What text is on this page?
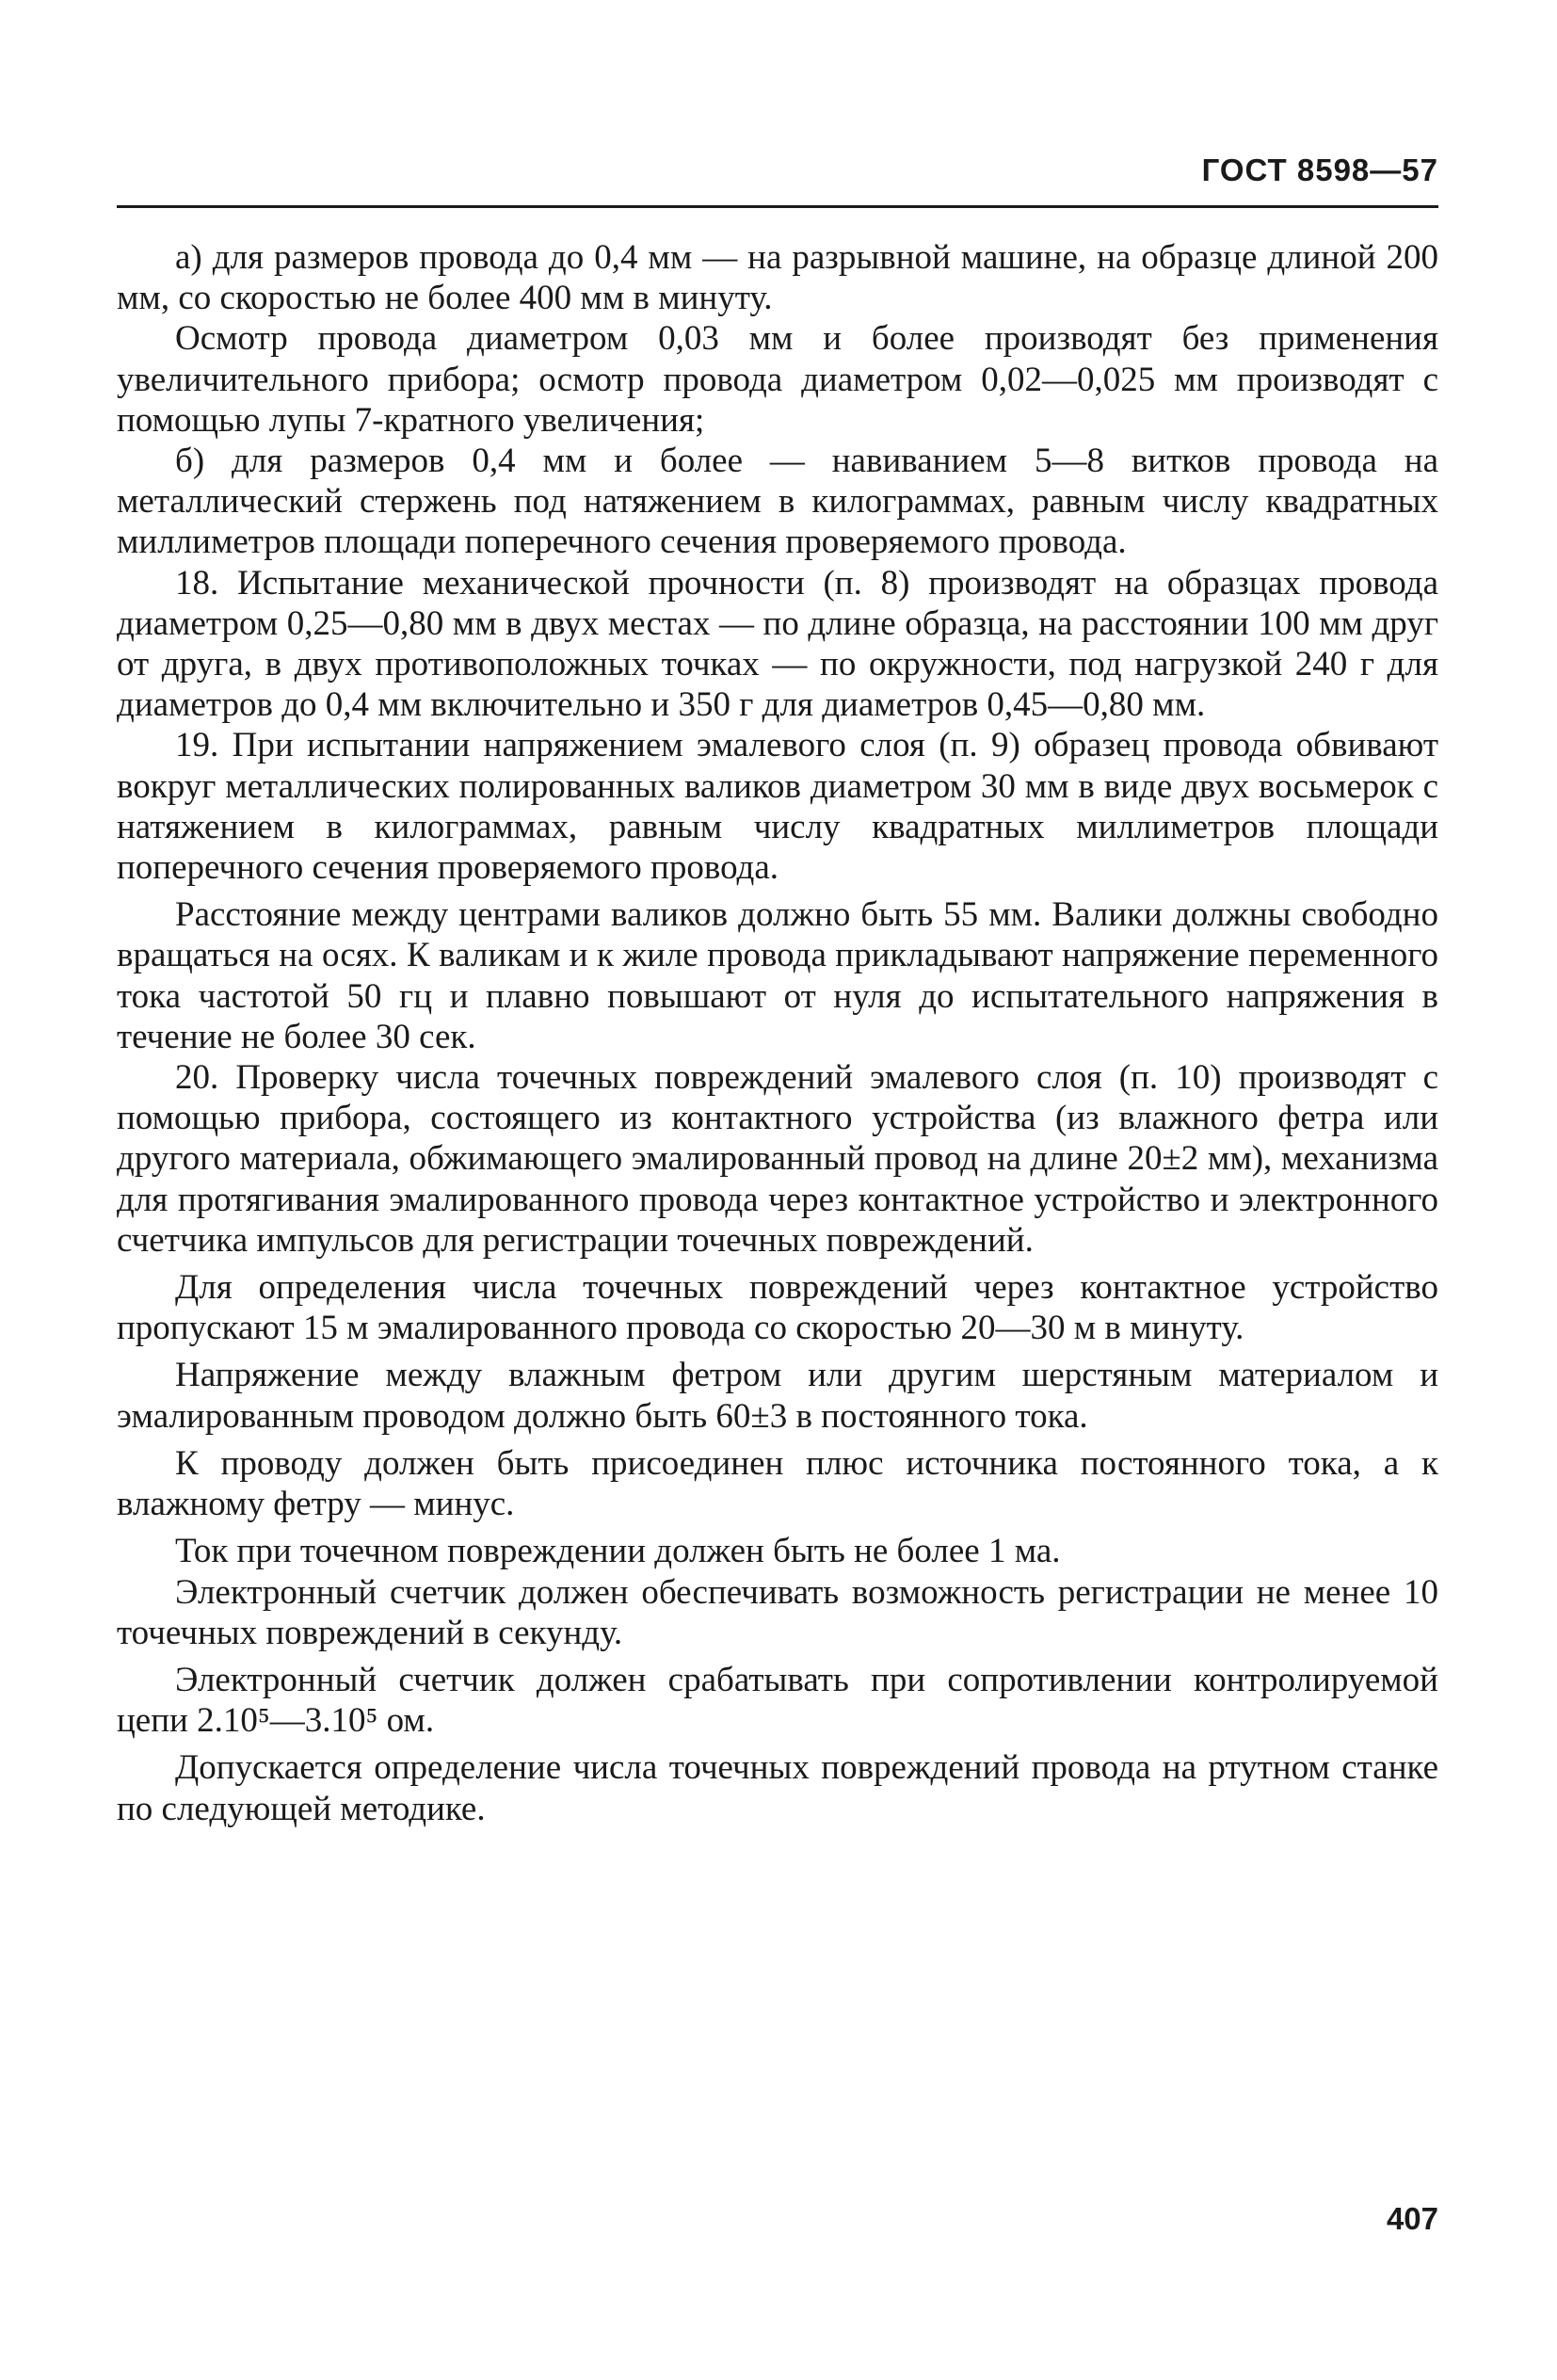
ГОСТ 8598—57

а) для размеров провода до 0,4 мм — на разрывной машине, на образце длиной 200 мм, со скоростью не более 400 мм в минуту.

Осмотр провода диаметром 0,03 мм и более производят без применения увеличительного прибора; осмотр провода диаметром 0,02—0,025 мм производят с помощью лупы 7-кратного увеличения;

б) для размеров 0,4 мм и более — навиванием 5—8 витков провода на металлический стержень под натяжением в килограммах, равным числу квадратных миллиметров площади поперечного сечения проверяемого провода.

18. Испытание механической прочности (п. 8) производят на образцах провода диаметром 0,25—0,80 мм в двух местах — по длине образца, на расстоянии 100 мм друг от друга, в двух противоположных точках — по окружности, под нагрузкой 240 г для диаметров до 0,4 мм включительно и 350 г для диаметров 0,45—0,80 мм.

19. При испытании напряжением эмалевого слоя (п. 9) образец провода обвивают вокруг металлических полированных валиков диаметром 30 мм в виде двух восьмерок с натяжением в килограммах, равным числу квадратных миллиметров площади поперечного сечения проверяемого провода.

Расстояние между центрами валиков должно быть 55 мм. Валики должны свободно вращаться на осях. К валикам и к жиле провода прикладывают напряжение переменного тока частотой 50 гц и плавно повышают от нуля до испытательного напряжения в течение не более 30 сек.

20. Проверку числа точечных повреждений эмалевого слоя (п. 10) производят с помощью прибора, состоящего из контактного устройства (из влажного фетра или другого материала, обжимающего эмалированный провод на длине 20±2 мм), механизма для протягивания эмалированного провода через контактное устройство и электронного счетчика импульсов для регистрации точечных повреждений.

Для определения числа точечных повреждений через контактное устройство пропускают 15 м эмалированного провода со скоростью 20—30 м в минуту.

Напряжение между влажным фетром или другим шерстяным материалом и эмалированным проводом должно быть 60±3 в постоянного тока.

К проводу должен быть присоединен плюс источника постоянного тока, а к влажному фетру — минус.

Ток при точечном повреждении должен быть не более 1 ма.

Электронный счетчик должен обеспечивать возможность регистрации не менее 10 точечных повреждений в секунду.

Электронный счетчик должен срабатывать при сопротивлении контролируемой цепи 2.10⁵—3.10⁵ ом.

Допускается определение числа точечных повреждений провода на ртутном станке по следующей методике.

407
